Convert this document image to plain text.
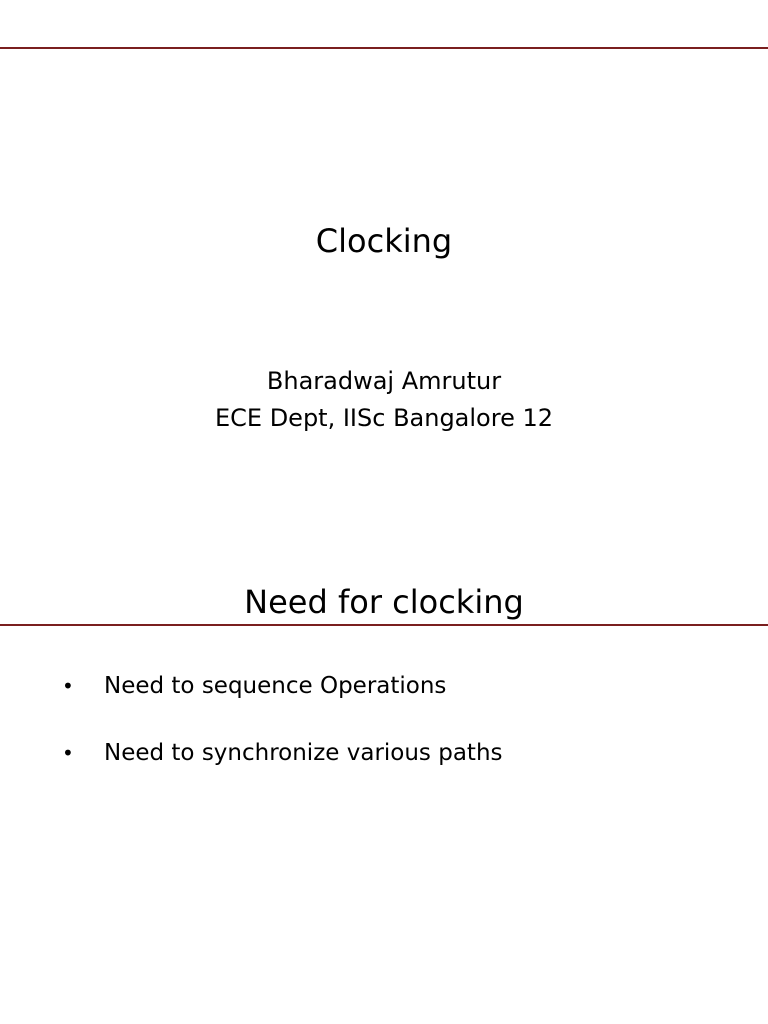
Clocking
Bharadwaj Amrutur
ECE Dept, IISc Bangalore 12
Need for clocking
• Need to sequence Operations
• Need to synchronize various paths
